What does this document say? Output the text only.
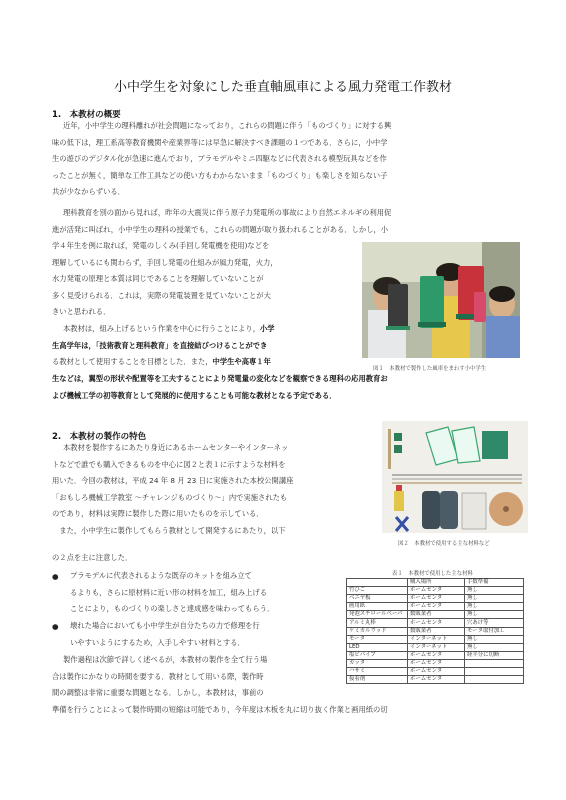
小中学生を対象にした垂直軸風車による風力発電工作教材
1.　本教材の概要
近年，小中学生の理科離れが社会問題になっており，これらの問題に伴う「ものづくり」に対する興
味の低下は，理工系高等教育機関や産業界等には早急に解決すべき課題の１つである．さらに，小中学
生の遊びのデジタル化が急速に進んでおり，プラモデルやミニ四駆などに代表される模型玩具などを作
ったことが無く，簡単な工作工具などの使い方もわからないまま「ものづくり」も楽しさを知らない子
共が少なからずいる．
理科教育を別の面から見れば，昨年の大震災に伴う原子力発電所の事故により自然エネルギの利用促
進が活発に叫ばれ，小中学生の理科の授業でも，これらの問題が取り扱われることがある．しかし，小
学４年生を例に取れば，発電のしくみ(手回し発電機を使用)などを
理解しているにも関わらず，手回し発電の仕組みが風力発電，火力，
水力発電の原理と本質は同じであることを理解していないことが
多く見受けられる．これは，実際の発電装置を見ていないことが大
きいと思われる．
本教材は，組み上げるという作業を中心に行うことにより，小学
生高学年は，「技術教育と理科教育」を直接結びつけることができ
る教材として使用することを目標とした．また，中学生や高専１年
生などは，翼型の形状や配置等を工夫することにより発電量の変化などを観察できる理科の応用教育お
よび機械工学の初等教育として発展的に使用することも可能な教材となる予定である．
図１　本教材で製作した風車をまわす小中学生
2.　本教材の製作の特色
本教材を製作するにあたり身近にあるホームセンターやインターネッ
トなどで誰でも購入できるものを中心に図２と表１に示すような材料を
用いた．今回の教材は，平成 24 年 8 月 23 日に実施された本校公開講座
「おもしろ機械工学教室 ～チャレンジものづくり～」内で実施されたも
のであり，材料は実際に製作した際に用いたものを示している．
　また，小中学生に製作してもらう教材として開発するにあたり，以下
の２点を主に注意した．
図２　本教材で使用する主な材料など
● プラモデルに代表されるような既存のキットを組み立て
るよりも，さらに原材料に近い形の材料を加工，組み上げる
ことにより，ものづくりの楽しさと達成感を味わってもらう．
● 壊れた場合においても小中学生が自分たちの力で修理を行
いやすいようにするため，入手しやすい材料とする．
製作過程は次節で詳しく述べるが，本教材の製作を全て行う場
合は製作にかなりの時間を要する．教材として用いる際，製作時
間の調整は非常に重要な問題となる．しかし，本教材は，事前の
準備を行うことによって製作時間の短縮は可能であり，今年度は木板を丸に切り抜く作業と画用紙の切
表１　本教材で使用した主な材料
	購入場所	手数準備
竹ひご	ホームセンタ	無し
ベニヤ板	ホームセンタ	無し
画用紙	ホームセンタ	無し
発泡スチロールペーパ	数販業者	無し
アルミ丸棒	ホームセンタ	穴あけ等
ケミカルウッド	数販業者	モータ取付加工
モータ	インターネット	無し
LED	インターネット	無し
塩ビパイプ	ホームセンタ	経半分に切断
カッタ	ホームセンタ	
ハサミ	ホームセンタ	
接着剤	ホームセンタ	
